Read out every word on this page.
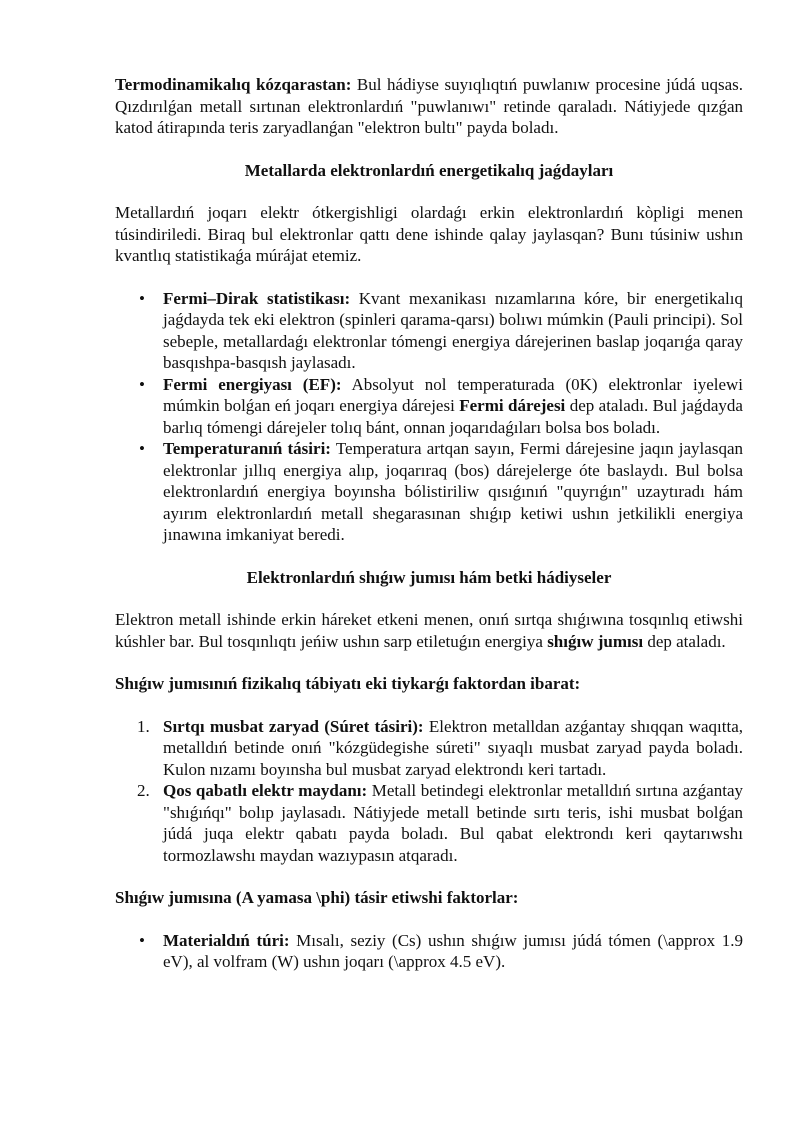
Termodinamikalıq kózqarastan: Bul hádiyse suyıqlıqtıń puwlanıw procesine júdá uqsas. Qızdırılǵan metall sırtınan elektronlardıń "puwlanıwı" retinde qaraladı. Nátiyjede qızǵan katod átirapında teris zaryadlanǵan "elektron bultı" payda boladı.

Metallarda elektronlardıń energetikalıq jaǵdayları

Metallardıń joqarı elektr ótkergishligi olardaǵı erkin elektronlardıń kòpligi menen túsindiriledi. Biraq bul elektronlar qattı dene ishinde qalay jaylasqan? Bunı túsiniw ushın kvantlıq statistikaǵa múrájat etemiz.

• Fermi–Dirak statistikası: Kvant mexanikası nızamlarına kóre, bir energetikalıq jaǵdayda tek eki elektron (spinleri qarama-qarsı) bolıwı múmkin (Pauli principi). Sol sebeple, metallardaǵı elektronlar tómengi energiya dárejerinen baslap joqarıǵa qaray basqıshpa-basqısh jaylasadı.
• Fermi energiyası (EF): Absolyut nol temperaturada (0K) elektronlar iyelewi múmkin bolǵan eń joqarı energiya dárejesi Fermi dárejesi dep ataladı. Bul jaǵdayda barlıq tómengi dárejeler tolıq bánt, onnan joqarıdaǵıları bolsa bos boladı.
• Temperaturanıń tásiri: Temperatura artqan sayın, Fermi dárejesine jaqın jaylasqan elektronlar jıllıq energiya alıp, joqarıraq (bos) dárejelerge óte baslaydı. Bul bolsa elektronlardıń energiya boyınsha bólistiriliw qısıǵınıń "quyrıǵın" uzaytıradı hám ayırım elektronlardıń metall shegarasınan shıǵıp ketiwi ushın jetkilikli energiya jınawına imkaniyat beredi.
Elektronlardıń shıǵıw jumısı hám betki hádiyseler

Elektron metall ishinde erkin háreket etkeni menen, onıń sırtqa shıǵıwına tosqınlıq etiwshi kúshler bar. Bul tosqınlıqtı jeńiw ushın sarp etiletuǵın energiya shıǵıw jumısı dep ataladı.

Shıǵıw jumısınıń fizikalıq tábiyatı eki tiykarǵı faktordan ibarat:

Sırtqı musbat zaryad (Súret tásiri): Elektron metalldan azǵantay shıqqan waqıtta, metalldıń betinde onıń "kózgüdegishe súreti" sıyaqlı musbat zaryad payda boladı. Kulon nızamı boyınsha bul musbat zaryad elektrondı keri tartadı.
Qos qabatlı elektr maydanı: Metall betindegi elektronlar metalldıń sırtına azǵantay "shıǵıńqı" bolıp jaylasadı. Nátiyjede metall betinde sırtı teris, ishi musbat bolǵan júdá juqa elektr qabatı payda boladı. Bul qabat elektrondı keri qaytarıwshı tormozlawshı maydan wazıypasın atqaradı.

Shıǵıw jumısına (A yamasa \phi) tásir etiwshi faktorlar:

• Materialdıń túri: Mısalı, seziy (Cs) ushın shıǵıw jumısı júdá tómen (\approx 1.9 eV), al volfram (W) ushın joqarı (\approx 4.5 eV).
